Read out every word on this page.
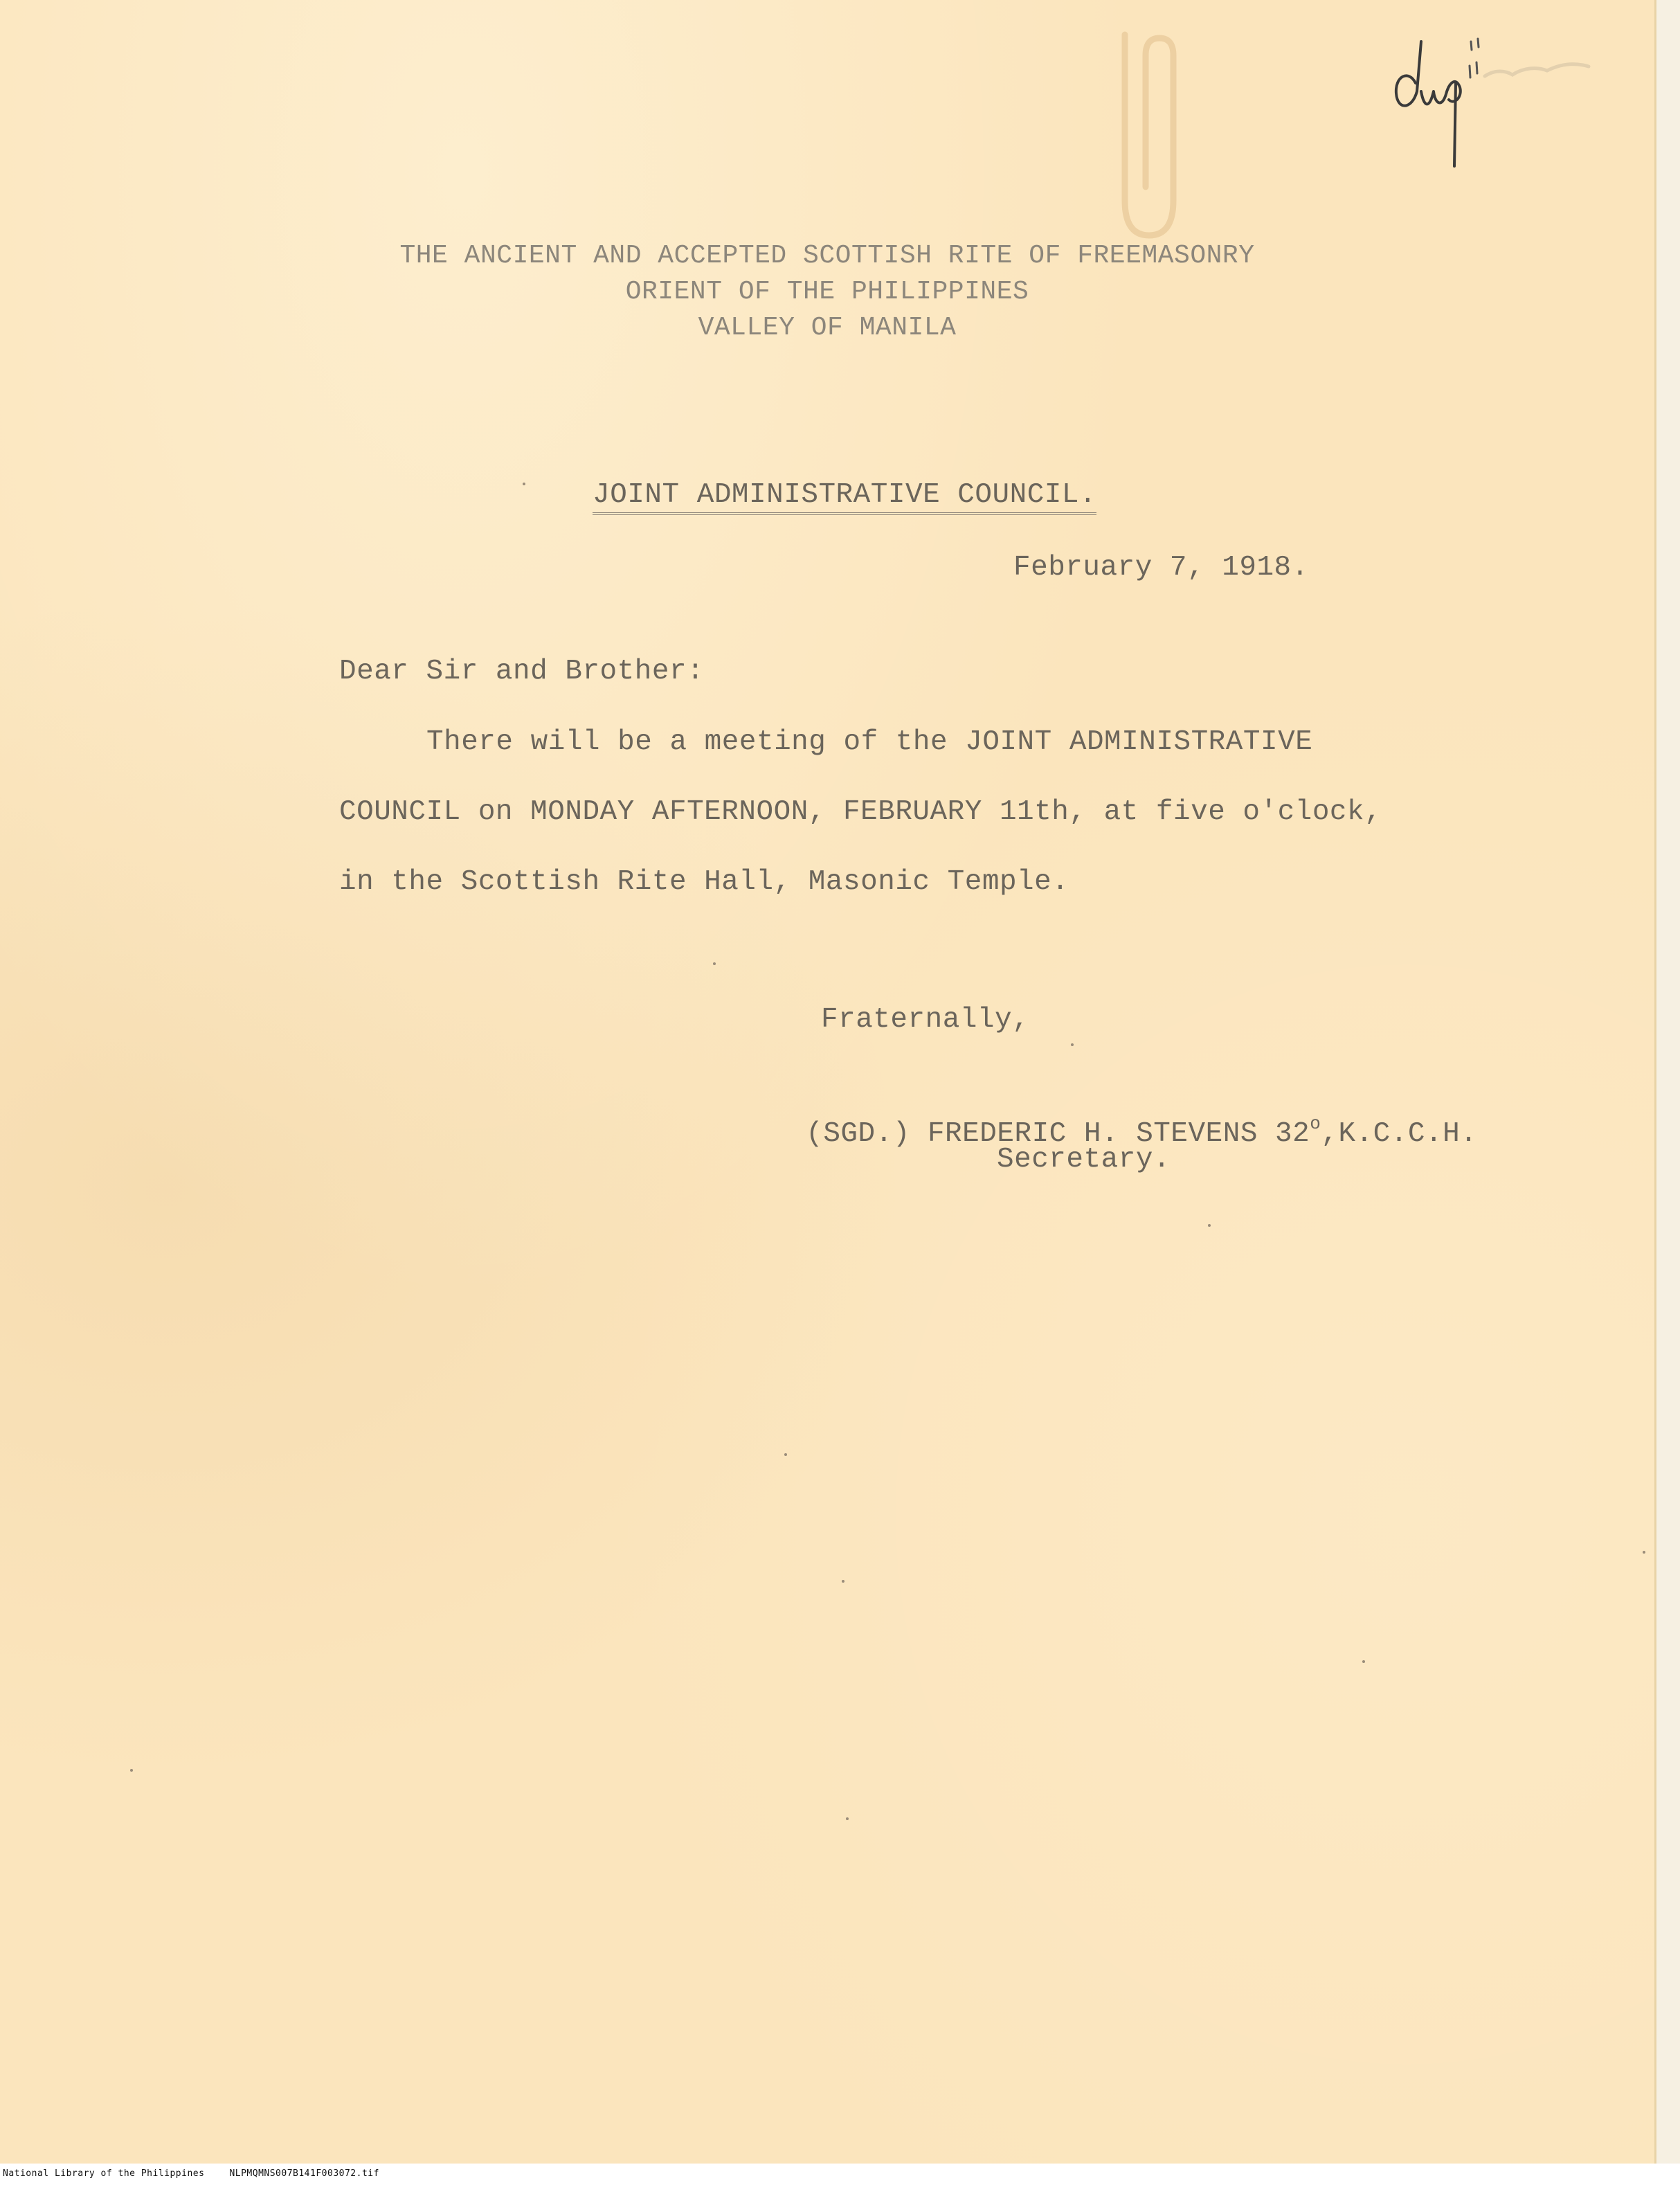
THE ANCIENT AND ACCEPTED SCOTTISH RITE OF FREEMASONRY
ORIENT OF THE PHILIPPINES
VALLEY OF MANILA

JOINT ADMINISTRATIVE COUNCIL.

February 7, 1918.
Dear Sir and Brother:
There will be a meeting of the JOINT ADMINISTRATIVE
COUNCIL on MONDAY AFTERNOON, FEBRUARY 11th, at five o'clock,
in the Scottish Rite Hall, Masonic Temple.
Fraternally,

(SGD.) FREDERIC H. STEVENS 32$^o$,K.C.C.H.

Secretary.
National Library of the Philippines	NLPMQMNS007B141F003072.tif
